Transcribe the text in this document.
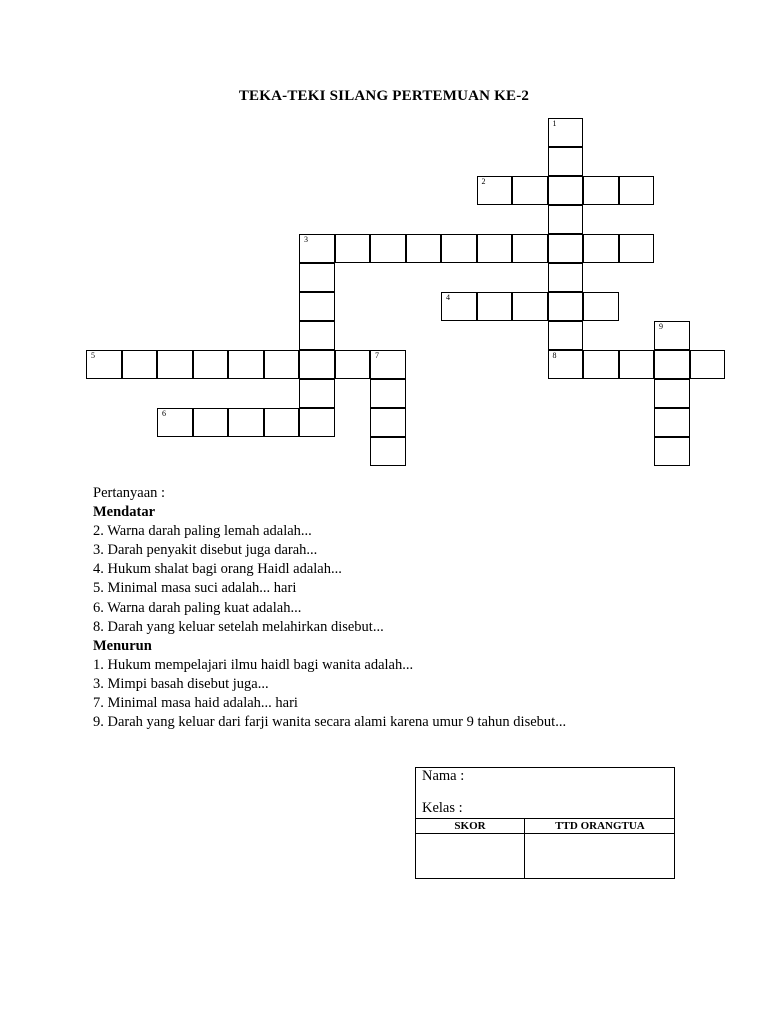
TEKA-TEKI SILANG PERTEMUAN KE-2
1
2
3
4
5
6
7	8
9
Pertanyaan :
Mendatar
2. Warna darah paling lemah adalah...
3. Darah penyakit disebut juga darah...
4. Hukum shalat bagi orang Haidl adalah...
5. Minimal masa suci adalah... hari
6. Warna darah paling kuat adalah...
8. Darah yang keluar setelah melahirkan disebut...
Menurun
1. Hukum mempelajari ilmu haidl bagi wanita adalah...
3. Mimpi basah disebut juga...
7. Minimal masa haid adalah... hari
9. Darah yang keluar dari farji wanita secara alami karena umur 9 tahun disebut...
Nama :
Kelas :
SKOR	TTD ORANGTUA
